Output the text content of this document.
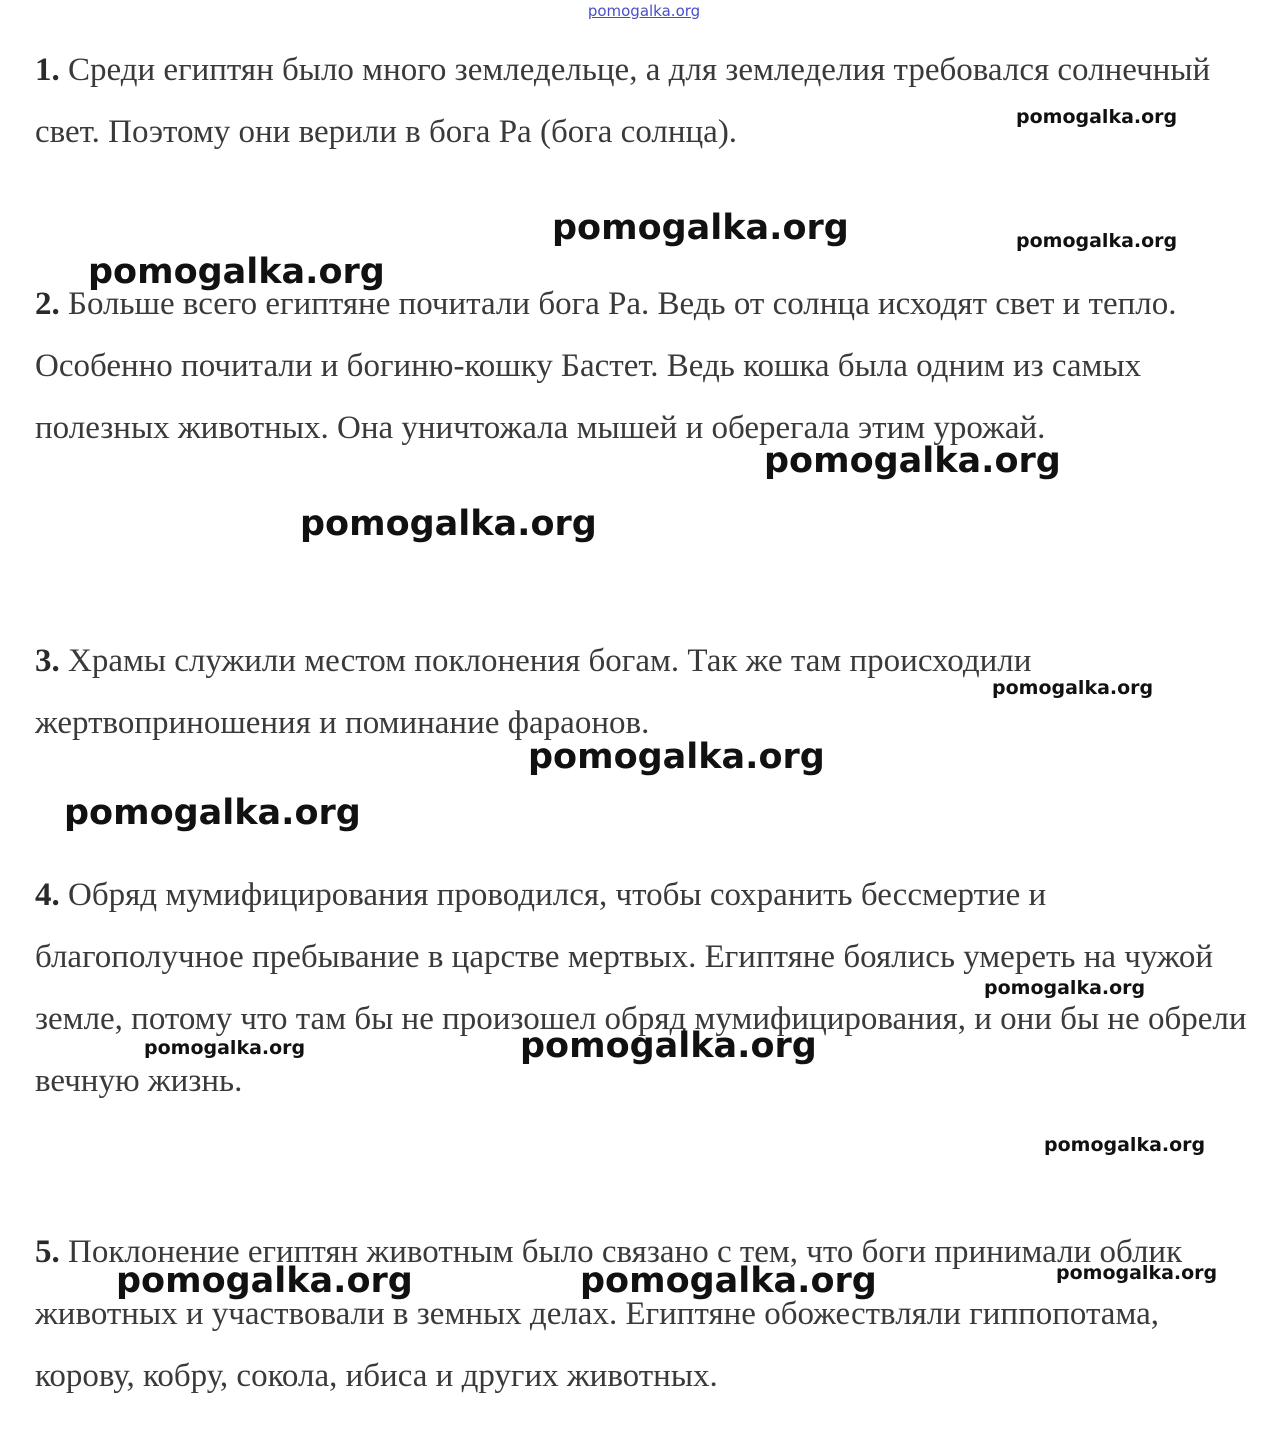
pomogalka.org

1. Среди египтян было много земледельце, а для земледелия требовался солнечный свет. Поэтому они верили в бога Ра (бога солнца).

2. Больше всего египтяне почитали бога Ра. Ведь от солнца исходят свет и тепло. Особенно почитали и богиню-кошку Бастет. Ведь кошка была одним из самых полезных животных. Она уничтожала мышей и оберегала этим урожай.

3. Храмы служили местом поклонения богам. Так же там происходили жертвоприношения и поминание фараонов.

4. Обряд мумифицирования проводился, чтобы сохранить бессмертие и благополучное пребывание в царстве мертвых. Египтяне боялись умереть на чужой земле, потому что там бы не произошел обряд мумифицирования, и они бы не обрели вечную жизнь.

5. Поклонение египтян животным было связано с тем, что боги принимали облик животных и участвовали в земных делах. Египтяне обожествляли гиппопотама, корову, кобру, сокола, ибиса и других животных.

pomogalka.org
pomogalka.org	pomogalka.org
pomogalka.org
pomogalka.org
pomogalka.org
pomogalka.org
pomogalka.org
pomogalka.org
pomogalka.org
pomogalka.org
pomogalka.org
pomogalka.org
pomogalka.org
pomogalka.org	pomogalka.org
